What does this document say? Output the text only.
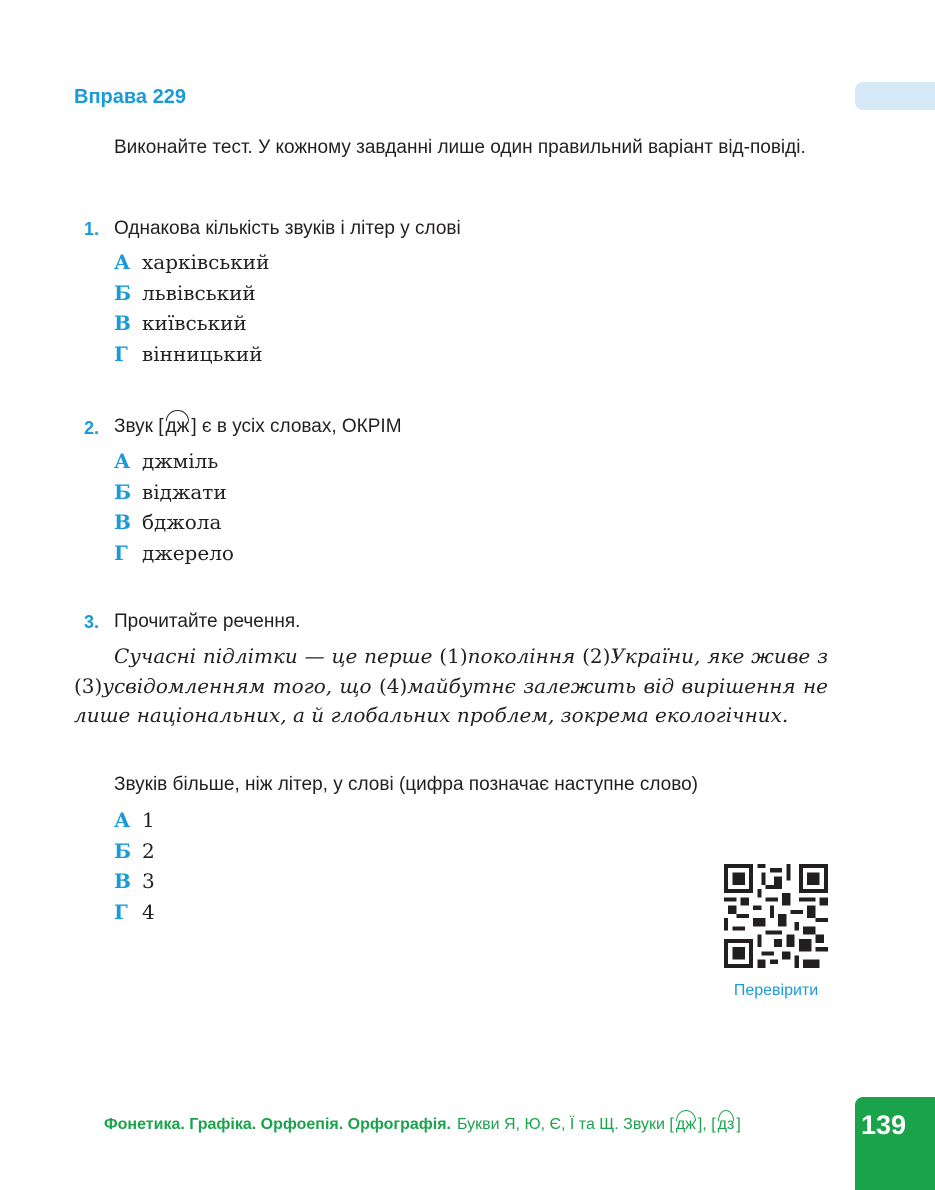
Вправа 229
Виконайте тест. У кожному завданні лише один правильний варіант від-повіді.
1. Однакова кількість звуків і літер у слові
А харківський
Б львівський
В київський
Г вінницький
2. Звук [ дж ] є в усіх словах, ОКРІМ
А джміль
Б віджати
В бджола
Г джерело
3. Прочитайте речення.
Сучасні підлітки — це перше (1)покоління (2)України, яке живе з (3)усвідомленням того, що (4)майбутнє залежить від вирішення не лише національних, а й глобальних проблем, зокрема екологічних.
Звуків більше, ніж літер, у слові (цифра позначає наступне слово)
А 1
Б 2
В 3
Г 4
Перевірити
Фонетика. Графіка. Орфоепія. Орфографія. Букви Я, Ю, Є, Ї та Щ. Звуки [ дж ], [ дз ]	139
